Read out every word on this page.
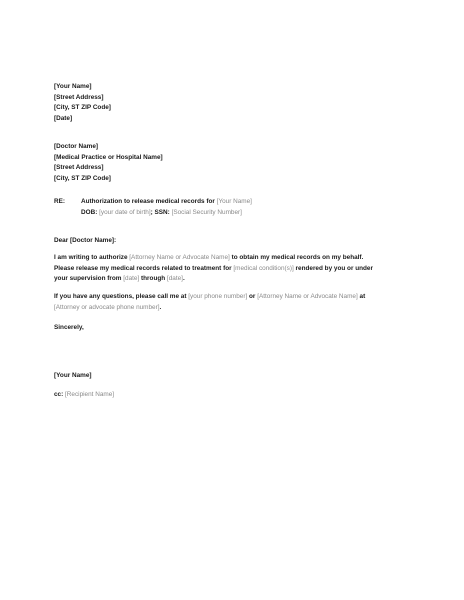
[Your Name]
[Street Address]
[City, ST ZIP Code]
[Date]
[Doctor Name]
[Medical Practice or Hospital Name]
[Street Address]
[City, ST ZIP Code]
RE: Authorization to release medical records for [Your Name]
DOB: [your date of birth]; SSN: [Social Security Number]
Dear [Doctor Name]:
I am writing to authorize [Attorney Name or Advocate Name] to obtain my medical records on my behalf.
Please release my medical records related to treatment for [medical condition(s)] rendered by you or under
your supervision from [date] through [date].
If you have any questions, please call me at [your phone number] or [Attorney Name or Advocate Name] at
[Attorney or advocate phone number].
Sincerely,
[Your Name]
cc: [Recipient Name]
